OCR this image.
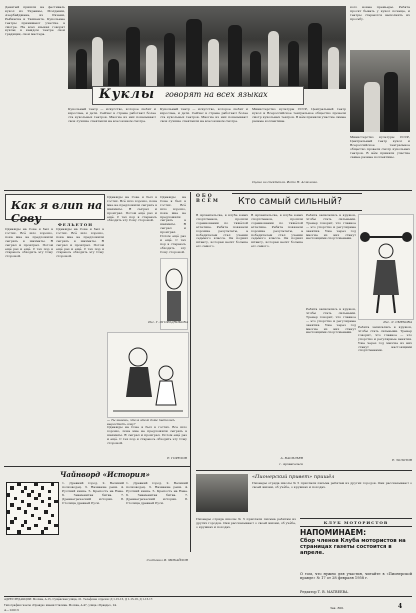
Девятый пришли на фестиваль кукол из Украины, Молдавии, Азербайджана, из Рязани, Рыбинска и Ташкента. Кукольные театры принимают участие в смотре. На всех языках говорят куклы; в каждом театре свои традиции, свои мастера.
Куклы говорят на всех языках
Кукольный театр — искусство, которое любят и взрослые, и дети. Сейчас в стране работают более ста кукольных театров. Многие из них показывают свои лучшие спектакли на всесоюзном смотре.
Кукольный театр — искусство, которое любят и взрослые, и дети. Сейчас в стране работают более ста кукольных театров. Многие из них показывают свои лучшие спектакли на всесоюзном смотре.
Министерство культуры СССР, Центральный театр кукол и Всероссийское театральное общество провели смотр кукольных театров. В нём приняли участие самые разные коллективы.
Сцена из спектакля. Фото Н. Асмолова.
кого новые премьеры. Ребята просят бывать у кукол почаще, и театры стараются выполнить их просьбу.
Министерство культуры СССР, Центральный театр кукол и Всероссийское театральное общество провели смотр кукольных театров. В нём приняли участие самые разные коллективы.
Как я влип на Сову	ФЕЛЬЕТОН
Однажды на Сове я был в гостях. Всё шло хорошо, пока мне не предложили сыграть в шахматы. Я сыграл и проиграл. Потом ещё раз и ещё. С тех пор я стараюсь обходить эту Сову стороной.
Однажды на Сове я был в гостях. Всё шло хорошо, пока мне не предложили сыграть в шахматы. Я сыграл и проиграл. Потом ещё раз и ещё. С тех пор я стараюсь обходить эту Сову стороной.
Однажды на Сове я был в гостях. Всё шло хорошо, пока мне не предложили сыграть в шахматы. Я сыграл и проиграл. Потом ещё раз и ещё. С тех пор я стараюсь обходить эту Сову стороной.
— Ты знаешь, что в этом доме пытались вырастить сову?
Однажды на Сове я был в гостях. Всё шло хорошо, пока мне не предложили сыграть в шахматы. Я сыграл и проиграл. Потом ещё раз и ещё. С тех пор я стараюсь обходить эту Сову стороной.
Е. ГОРЕЛОВ
Однажды на Сове я был в гостях. Всё шло хорошо, пока мне не предложили сыграть в шахматы. Я сыграл и проиграл. Потом ещё раз и ещё. С тех пор я стараюсь обходить эту Сову стороной.
Рис. Г. ОГОРОДНИКОВА
ОБО ВСЁМ	Кто самый сильный?
В Архангельске, в клубе юных спортсменов, прошли соревнования по тяжёлой атлетике. Ребята показали хорошие результаты, а победителем стал ученик седьмого класса. Он поднял штангу, которая весит больше его самого.
В Архангельске, в клубе юных спортсменов, прошли соревнования по тяжёлой атлетике. Ребята показали хорошие результаты, а победителем стал ученик седьмого класса. Он поднял штангу, которая весит больше его самого.
А. ВАСИЛЬЕВ
г. Архангельск
Ребята записались в кружок, чтобы стать сильными. Тренер говорит, что главное — это упорство и регулярные занятия. Уже через год многие из них станут настоящими спортсменами.
Рис. Л. СМЕХОВА
Ребята записались в кружок, чтобы стать сильными. Тренер говорит, что главное — это упорство и регулярные занятия. Уже через год многие из них станут настоящими спортсменами.
Ребята записались в кружок, чтобы стать сильными. Тренер говорит, что главное — это упорство и регулярные занятия. Уже через год многие из них станут настоящими спортсменами.
Е. ЗОЛОТОВ
«Пионерский привет» пришёл
Пионеры отряда школы № 5 прислали письма ребятам из других городов. Они рассказывают о своей жизни, об учёбе, о кружках и походах.
Чайнворд «История»
1. Древний город. 2. Великий полководец. 3. Название реки. 4. Русский князь. 5. Крепость на Неве. 6. Знаменитая битва. 7. Древнегреческий историк. 8. Столица древней Руси.
1. Древний город. 2. Великий полководец. 3. Название реки. 4. Русский князь. 5. Крепость на Неве. 6. Знаменитая битва. 7. Древнегреческий историк. 8. Столица древней Руси.
Составил И. МИХАЙЛОВ
КЛУБ МОТОРИСТОВ
НАПОМИНАЕМ:
Сбор членов Клуба мотористов на страницах газеты состоится в апреле.
О том, что нужно для участия, читайте в «Пионерской правде» № 17 от 28 февраля 1958 г.
Пионеры отряда школы № 5 прислали письма ребятам из других городов. Они рассказывают о своей жизни, об учёбе, о кружках и походах.
Редактор Т. В. МАТВЕЕВА.
АДРЕС РЕДАКЦИИ: Москва, А-15, Сущёвская улица, 21. Телефоны отделов: Д 1-15-15, Д 1-15-16, Д 1-15-17.
Типография газеты «Правда» имени Сталина. Москва, А-47, улица «Правды», 24.
А—12013	Зак. 800.	4
